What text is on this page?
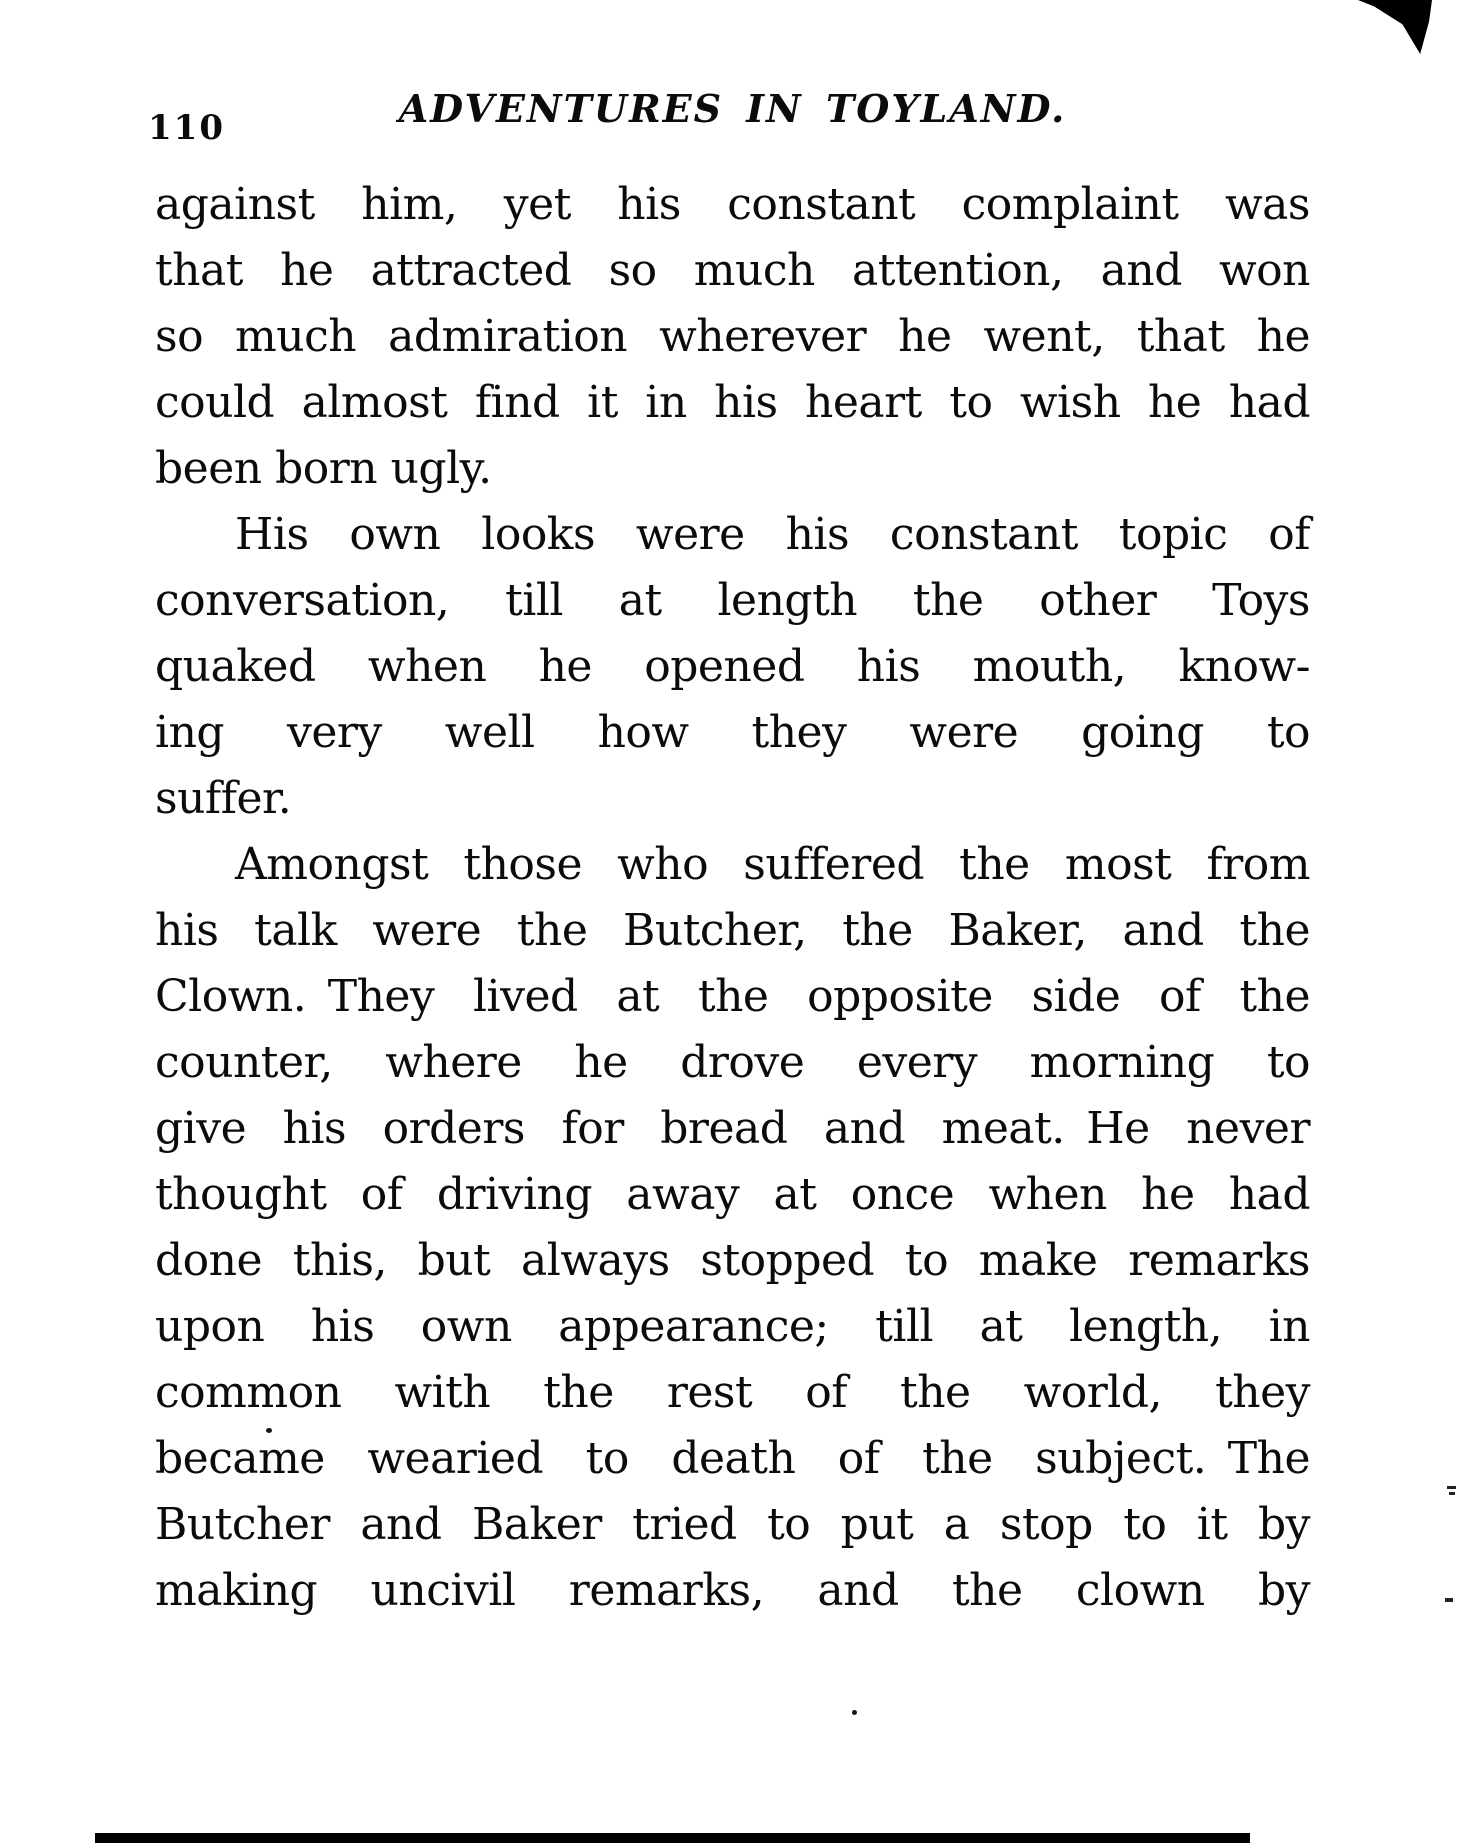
110	ADVENTURES IN TOYLAND.
against him, yet his constant complaint was
that he attracted so much attention, and won
so much admiration wherever he went, that he
could almost find it in his heart to wish he had
been born ugly.
His own looks were his constant topic of
conversation, till at length the other Toys
quaked when he opened his mouth, know-
ing very well how they were going to
suffer.
Amongst those who suffered the most from
his talk were the Butcher, the Baker, and the
Clown. They lived at the opposite side of the
counter, where he drove every morning to
give his orders for bread and meat. He never
thought of driving away at once when he had
done this, but always stopped to make remarks
upon his own appearance; till at length, in
common with the rest of the world, they
became wearied to death of the subject. The
Butcher and Baker tried to put a stop to it by
making uncivil remarks, and the clown by
